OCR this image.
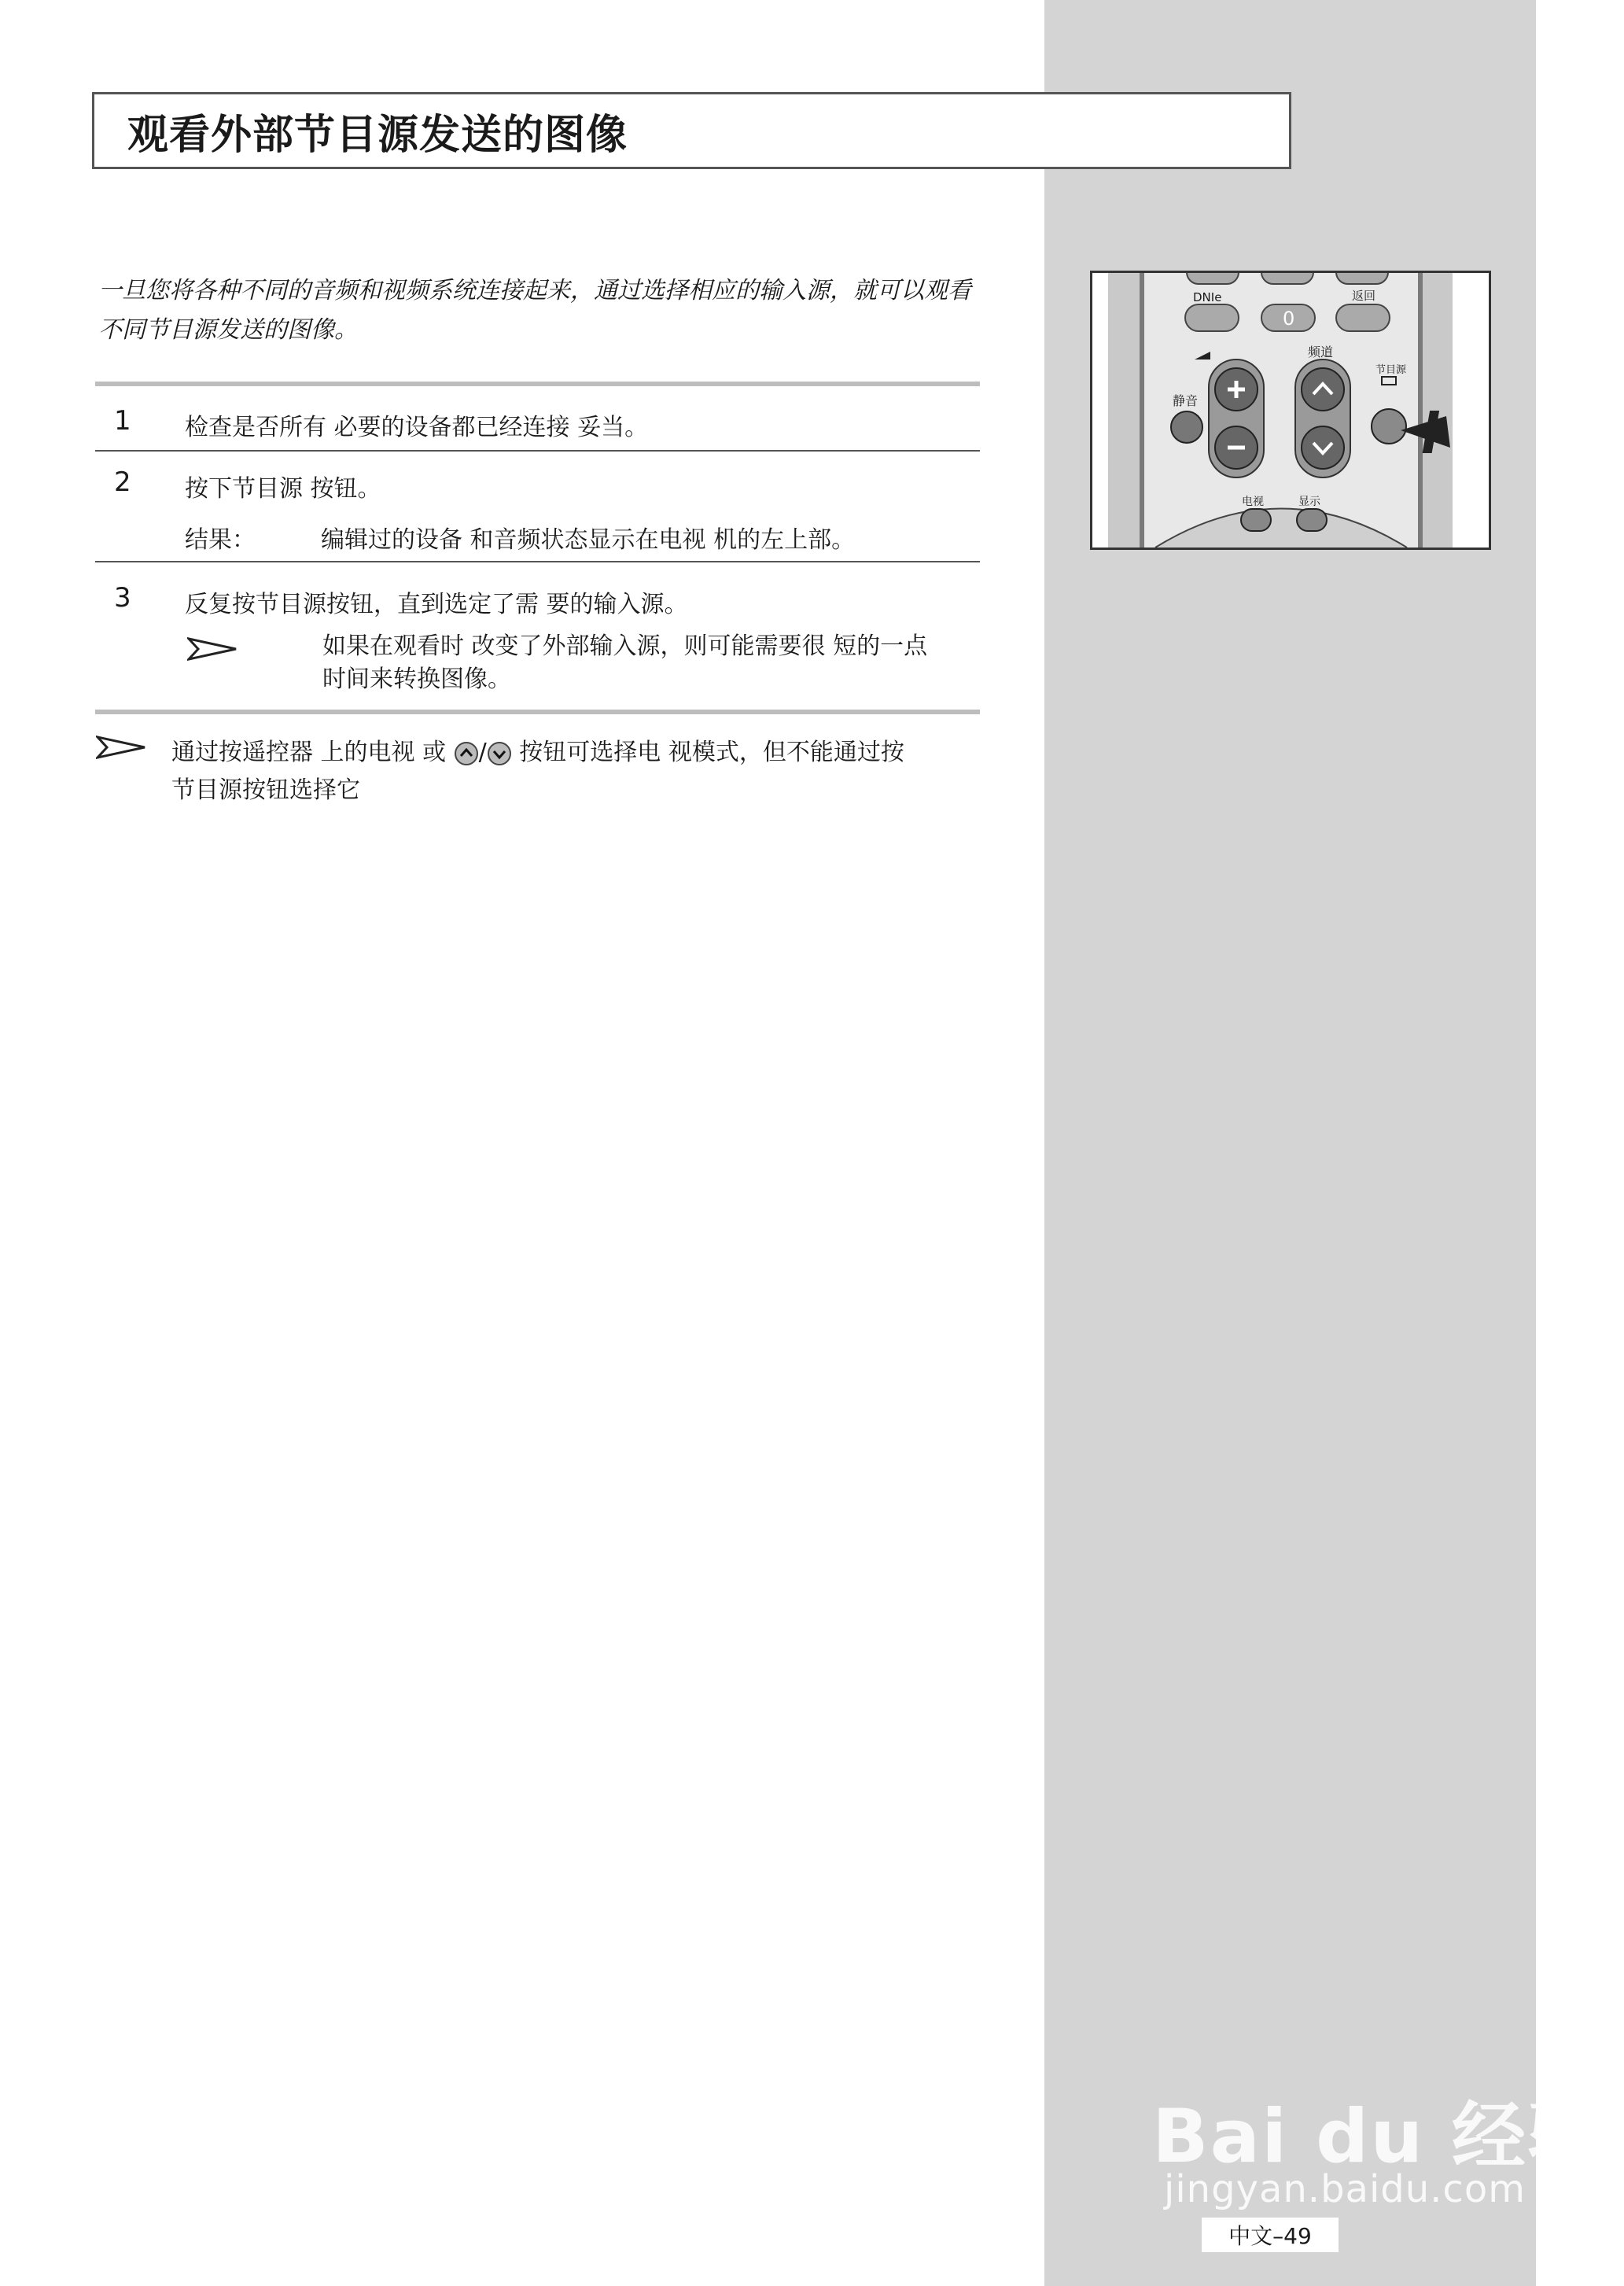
观看外部节目源发送的图像
一旦您将各种不同的音频和视频系统连接起来，通过选择相应的输入源，就可以观看不同节目源发送的图像。
1 检查是否所有 必要的设备都已经连接 妥当。
2 按下节目源 按钮。
结果：	编辑过的设备 和音频状态显示在电视 机的左上部。
3 反复按节目源按钮，直到选定了需 要的输入源。
如果在观看时 改变了外部输入源，则可能需要很 短的一点
时间来转换图像。
通过按遥控器 上的电视 或 / 按钮可选择电 视模式，但不能通过按
节目源按钮选择它
DNIe
0
返回
频道
静音
节目源
电视	显示
Bai du 经验
jingyan.baidu.com
中文–49
